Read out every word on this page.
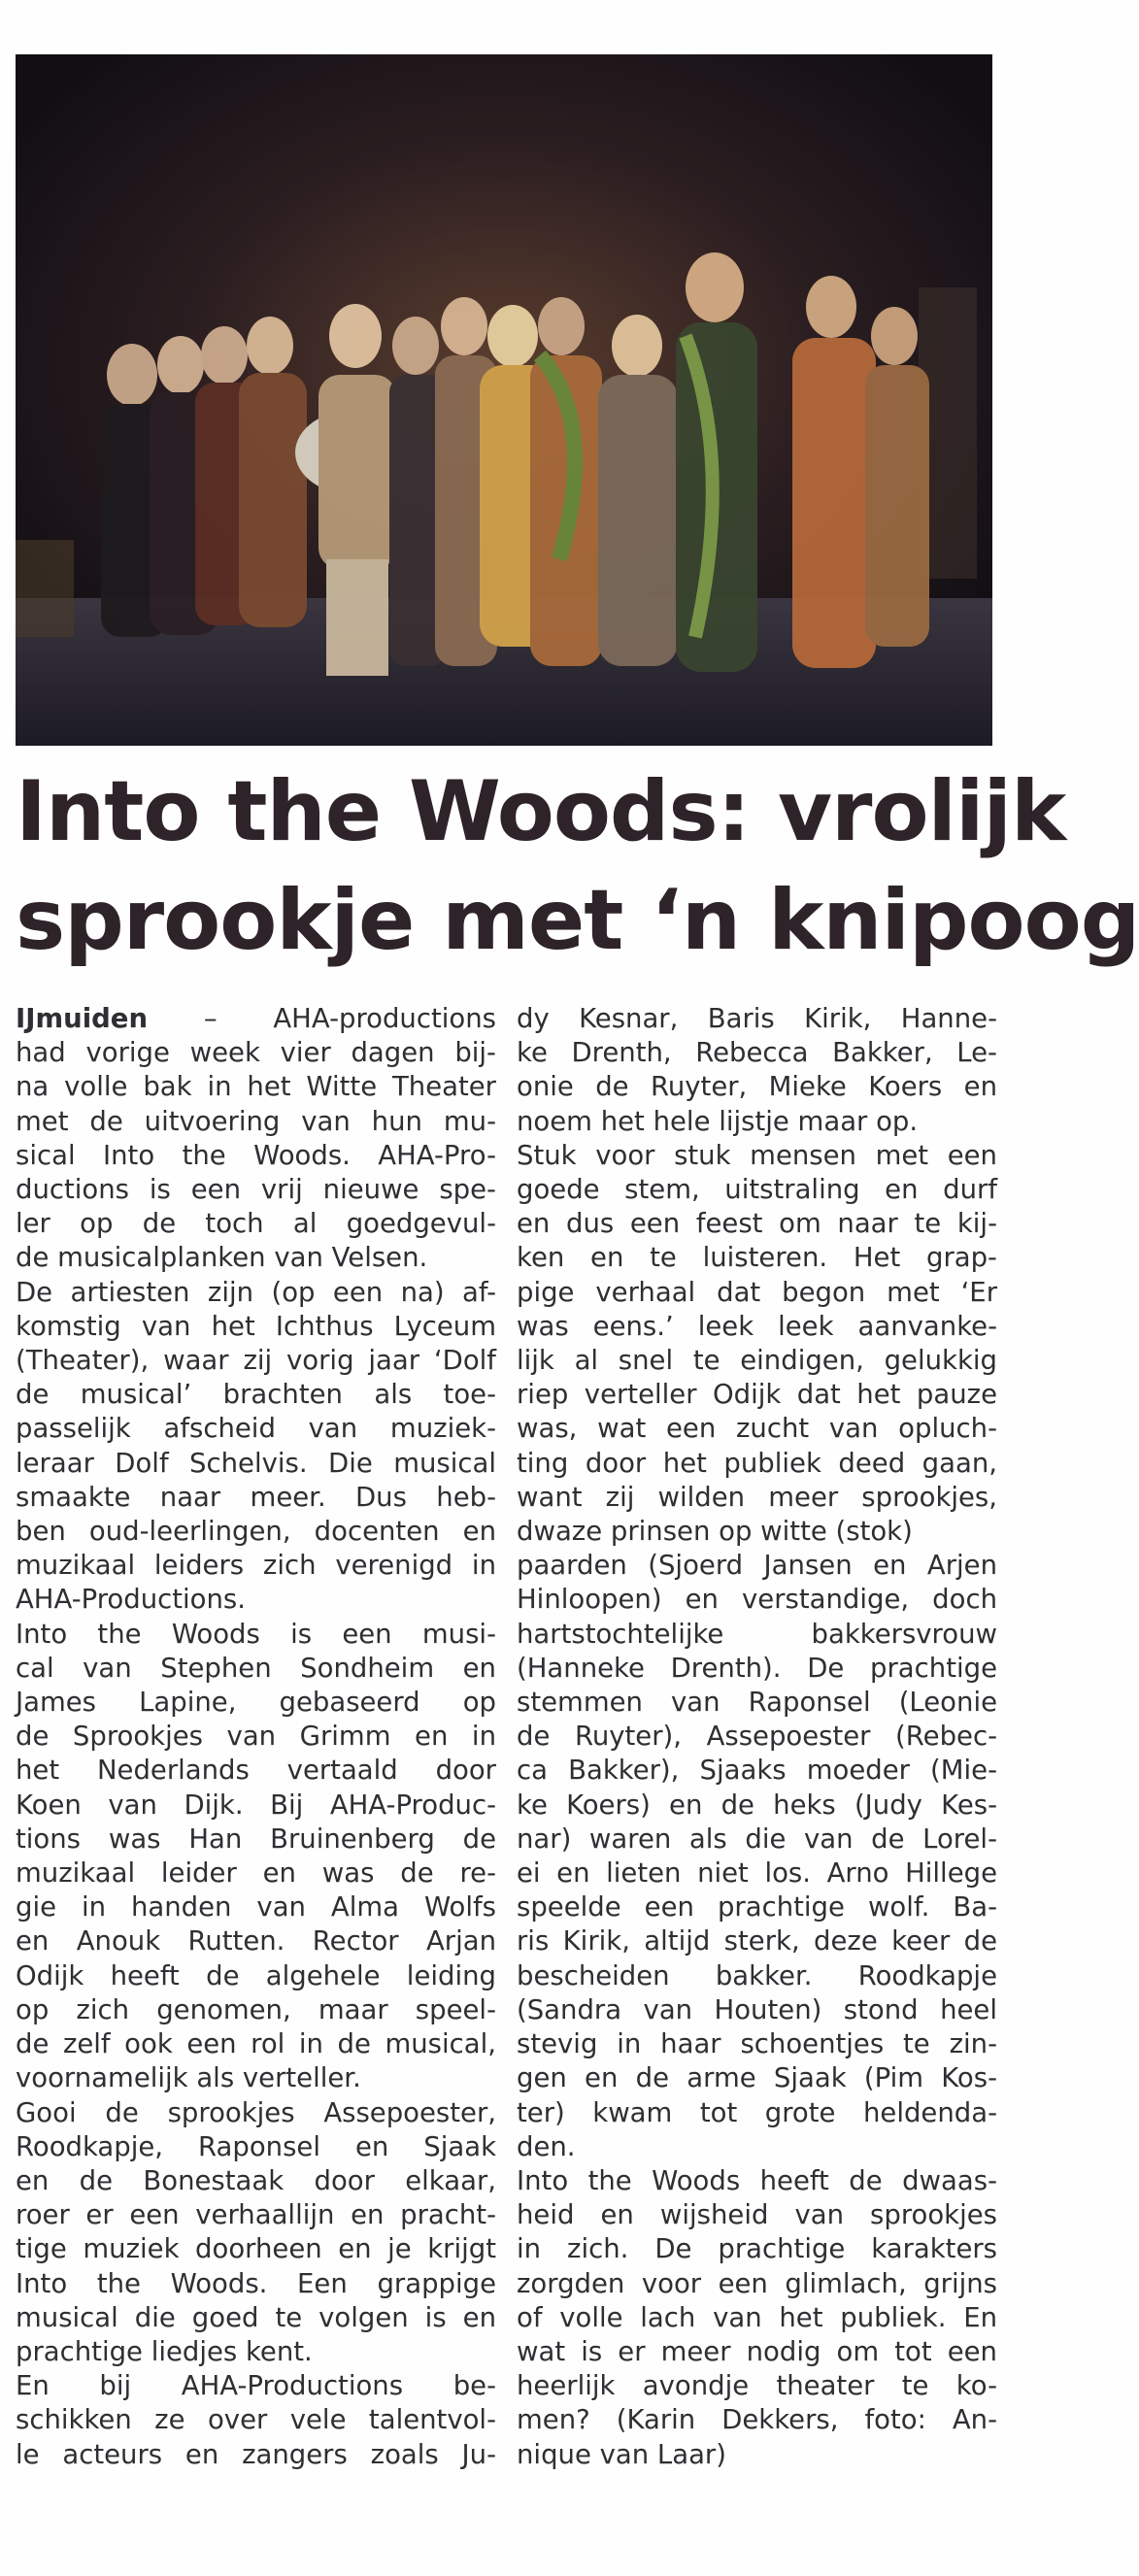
Into the Woods: vrolijk
sprookje met ‘n knipoog
IJmuiden – AHA-productions
had vorige week vier dagen bij-
na volle bak in het Witte Theater
met de uitvoering van hun mu-
sical Into the Woods. AHA-Pro-
ductions is een vrij nieuwe spe-
ler op de toch al goedgevul-
de musicalplanken van Velsen.
De artiesten zijn (op een na) af-
komstig van het Ichthus Lyceum
(Theater), waar zij vorig jaar ‘Dolf
de musical’ brachten als toe-
passelijk afscheid van muziek-
leraar Dolf Schelvis. Die musical
smaakte naar meer. Dus heb-
ben oud-leerlingen, docenten en
muzikaal leiders zich verenigd in
AHA-Productions.
Into the Woods is een musi-
cal van Stephen Sondheim en
James Lapine, gebaseerd op
de Sprookjes van Grimm en in
het Nederlands vertaald door
Koen van Dijk. Bij AHA-Produc-
tions was Han Bruinenberg de
muzikaal leider en was de re-
gie in handen van Alma Wolfs
en Anouk Rutten. Rector Arjan
Odijk heeft de algehele leiding
op zich genomen, maar speel-
de zelf ook een rol in de musical,
voornamelijk als verteller.
Gooi de sprookjes Assepoester,
Roodkapje, Raponsel en Sjaak
en de Bonestaak door elkaar,
roer er een verhaallijn en pracht-
tige muziek doorheen en je krijgt
Into the Woods. Een grappige
musical die goed te volgen is en
prachtige liedjes kent.
En bij AHA-Productions be-
schikken ze over vele talentvol-
le acteurs en zangers zoals Ju-
dy Kesnar, Baris Kirik, Hanne-
ke Drenth, Rebecca Bakker, Le-
onie de Ruyter, Mieke Koers en
noem het hele lijstje maar op.
Stuk voor stuk mensen met een
goede stem, uitstraling en durf
en dus een feest om naar te kij-
ken en te luisteren. Het grap-
pige verhaal dat begon met ‘Er
was eens.’ leek leek aanvanke-
lijk al snel te eindigen, gelukkig
riep verteller Odijk dat het pauze
was, wat een zucht van opluch-
ting door het publiek deed gaan,
want zij wilden meer sprookjes,
dwaze prinsen op witte (stok)
paarden (Sjoerd Jansen en Arjen
Hinloopen) en verstandige, doch
hartstochtelijke bakkersvrouw
(Hanneke Drenth). De prachtige
stemmen van Raponsel (Leonie
de Ruyter), Assepoester (Rebec-
ca Bakker), Sjaaks moeder (Mie-
ke Koers) en de heks (Judy Kes-
nar) waren als die van de Lorel-
ei en lieten niet los. Arno Hillege
speelde een prachtige wolf. Ba-
ris Kirik, altijd sterk, deze keer de
bescheiden bakker. Roodkapje
(Sandra van Houten) stond heel
stevig in haar schoentjes te zin-
gen en de arme Sjaak (Pim Kos-
ter) kwam tot grote heldenda-
den.
Into the Woods heeft de dwaas-
heid en wijsheid van sprookjes
in zich. De prachtige karakters
zorgden voor een glimlach, grijns
of volle lach van het publiek. En
wat is er meer nodig om tot een
heerlijk avondje theater te ko-
men? (Karin Dekkers, foto: An-
nique van Laar)
